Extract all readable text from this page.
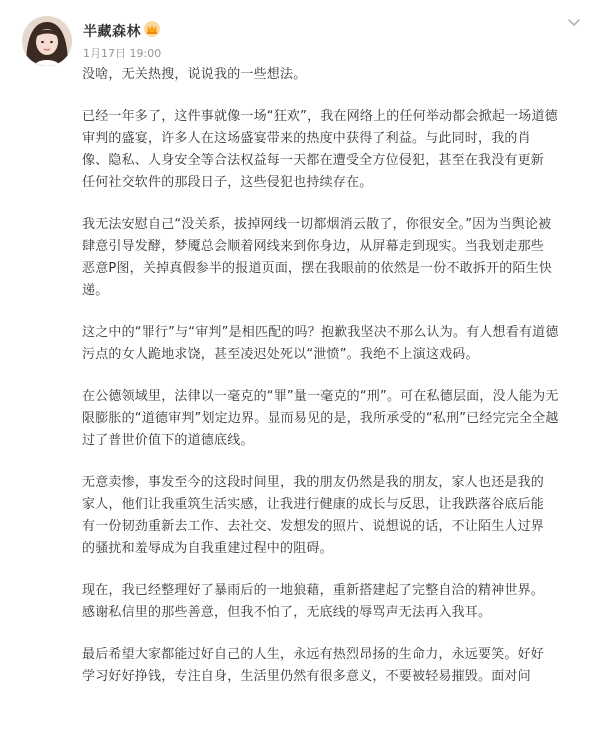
半藏森林
1月17日 19:00

没啥，无关热搜，说说我的一些想法。

已经一年多了，这件事就像一场“狂欢”，我在网络上的任何举动都会掀起一场道德
审判的盛宴，许多人在这场盛宴带来的热度中获得了利益。与此同时，我的肖
像、隐私、人身安全等合法权益每一天都在遭受全方位侵犯，甚至在我没有更新
任何社交软件的那段日子，这些侵犯也持续存在。

我无法安慰自己“没关系，拔掉网线一切都烟消云散了，你很安全。”因为当舆论被
肆意引导发酵，梦魇总会顺着网线来到你身边，从屏幕走到现实。当我划走那些
恶意P图，关掉真假参半的报道页面，摆在我眼前的依然是一份不敢拆开的陌生快
递。

这之中的“罪行”与“审判”是相匹配的吗？抱歉我坚决不那么认为。有人想看有道德
污点的女人跪地求饶，甚至凌迟处死以“泄愤”。我绝不上演这戏码。

在公德领域里，法律以一毫克的“罪”量一毫克的“刑”。可在私德层面，没人能为无
限膨胀的“道德审判”划定边界。显而易见的是，我所承受的“私刑”已经完完全全越
过了普世价值下的道德底线。

无意卖惨，事发至今的这段时间里，我的朋友仍然是我的朋友，家人也还是我的
家人，他们让我重筑生活实感，让我进行健康的成长与反思，让我跌落谷底后能
有一份韧劲重新去工作、去社交、发想发的照片、说想说的话，不让陌生人过界
的骚扰和羞辱成为自我重建过程中的阻碍。

现在，我已经整理好了暴雨后的一地狼藉，重新搭建起了完整自洽的精神世界。
感谢私信里的那些善意，但我不怕了，无底线的辱骂声无法再入我耳。

最后希望大家都能过好自己的人生，永远有热烈昂扬的生命力，永远要笑。好好
学习好好挣钱，专注自身，生活里仍然有很多意义，不要被轻易摧毁。面对问
